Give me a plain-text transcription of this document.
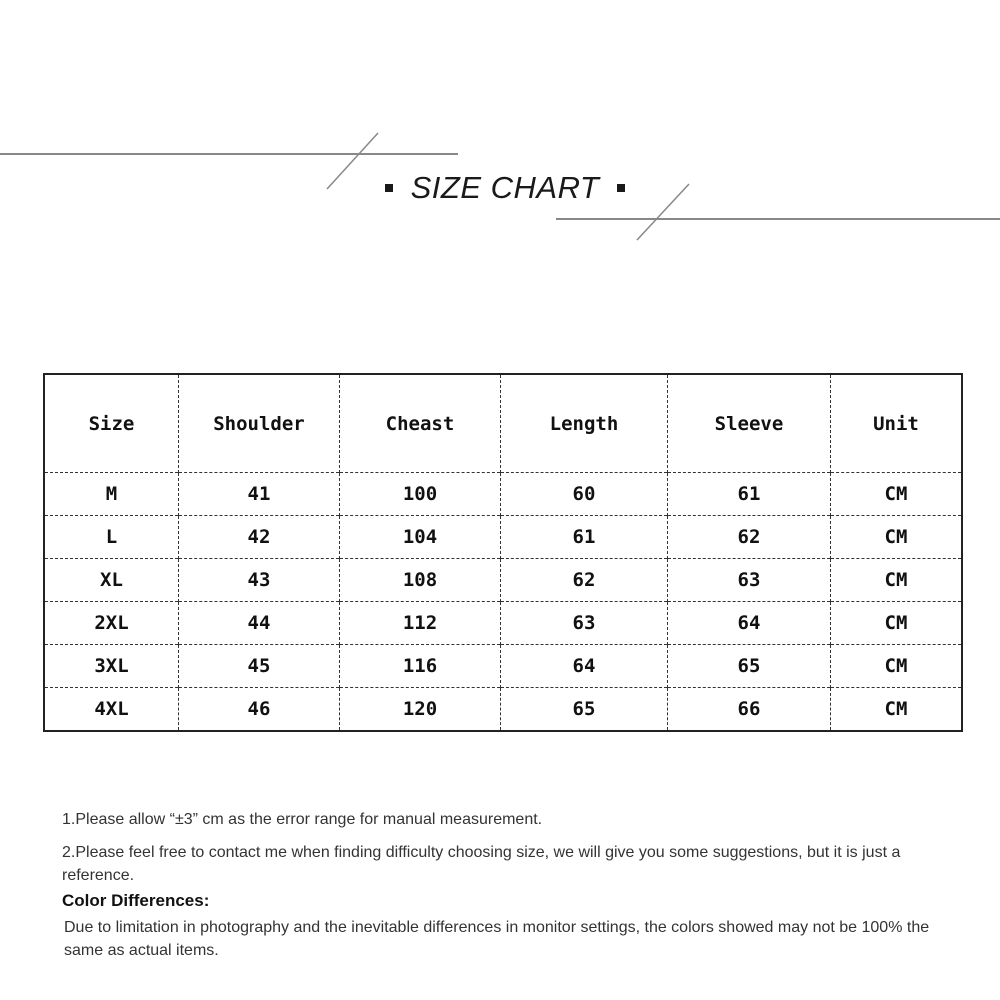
SIZE CHART
Size	Shoulder	Cheast	Length	Sleeve	Unit
M	41	100	60	61	CM
L	42	104	61	62	CM
XL	43	108	62	63	CM
2XL	44	112	63	64	CM
3XL	45	116	64	65	CM
4XL	46	120	65	66	CM

1.Please allow “±3” cm as the error range for manual measurement.

2.Please feel free to contact me when finding difficulty choosing size, we will give you some suggestions, but it is just a reference.

Color Differences:

Due to limitation in photography and the inevitable differences in monitor settings, the colors showed may not be 100% the same as actual items.
